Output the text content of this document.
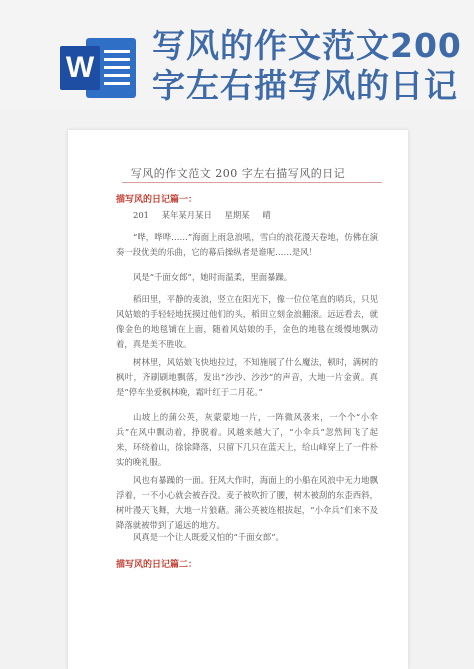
W
写风的作文范文200字左右描写风的日记
写风的作文范文 200 字左右描写风的日记
描写风的日记篇一：
201 某年某月某日 星期某 晴
“哗，哗哗……”海面上雨急浪吼，雪白的浪花漫天卷地，仿佛在演奏一段优美的乐曲，它的幕后操纵者是谁呢……是风！
风是“千面女郎”，她时而温柔，里面暴躁。
稻田里，平静的麦浪，竖立在阳光下，像一位位笔直的哨兵，只见风姑娘的手轻轻地抚摸过他们的头，稻田立刻金浪翻滚。远远看去，就像金色的地毯铺在上面，随着风姑娘的手，金色的地毯在缓慢地飘动着，真是美不胜收。
树林里，风姑娘飞快地拉过，不知施展了什么魔法，顿时，满树的枫叶，齐刷刷地飘落，发出“沙沙、沙沙”的声音，大地一片金黄。真是“停车坐爱枫林晚，霜叶红于二月花。”
山坡上的蒲公英，灰蒙蒙地一片，一阵微风袭来，一个个“小伞兵”在风中飘动着，挣脱着。风越来越大了，“小伞兵”忽然间飞了起来，环绕着山，徐徐降落，只留下几只在蓝天上，给山峰穿上了一件朴实的晚礼服。
风也有暴躁的一面。狂风大作时，海面上的小船在风浪中无力地飘浮着，一不小心就会被吞没。麦子被吹折了腰，树木被刮的东歪西斜，树叶漫天飞舞，大地一片狼藉。蒲公英被连根拔起，“小伞兵”们来不及降落就被带到了遥远的地方。
风真是一个让人既爱又怕的“千面女郎”。
描写风的日记篇二：
